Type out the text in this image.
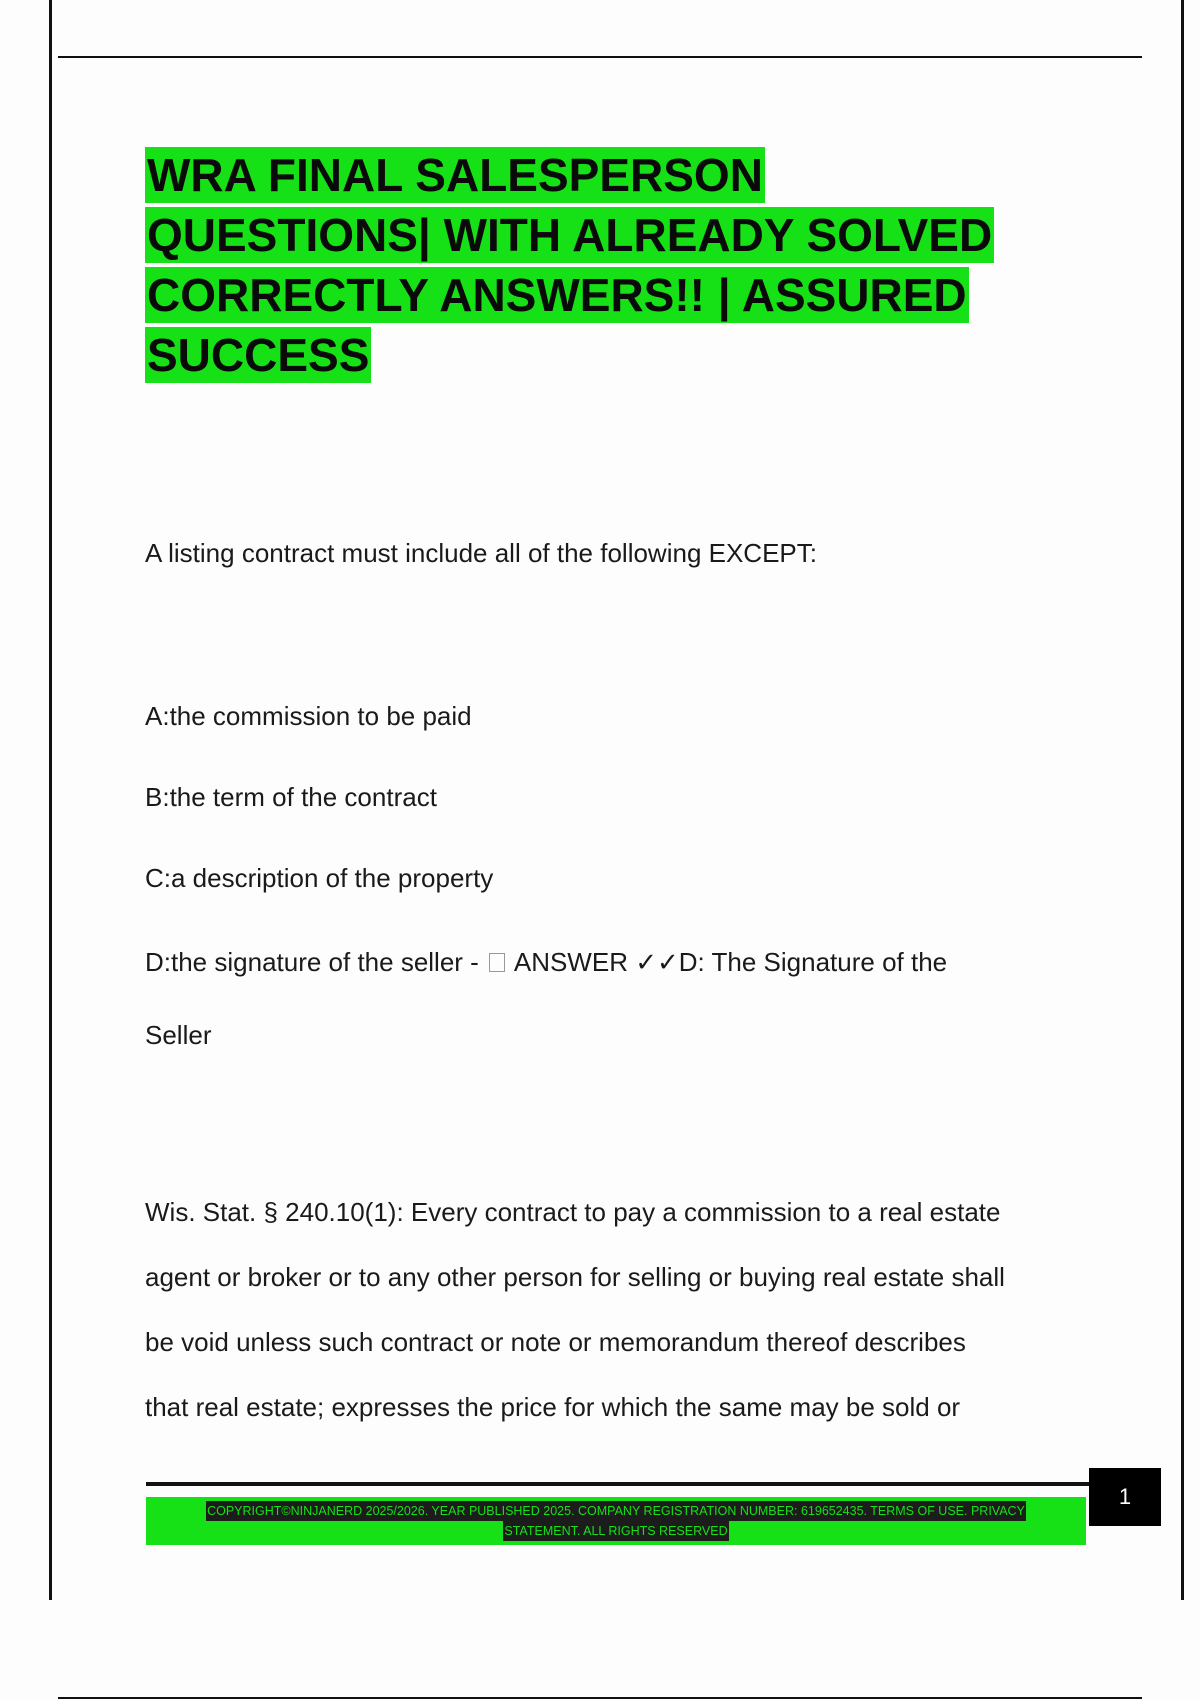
WRA FINAL SALESPERSON
QUESTIONS| WITH ALREADY SOLVED
CORRECTLY ANSWERS!! | ASSURED
SUCCESS
A listing contract must include all of the following EXCEPT:
A:the commission to be paid
B:the term of the contract
C:a description of the property
D:the signature of the seller -  ANSWER ✓✓D: The Signature of the
Seller
Wis. Stat. § 240.10(1): Every contract to pay a commission to a real estate
agent or broker or to any other person for selling or buying real estate shall
be void unless such contract or note or memorandum thereof describes
that real estate; expresses the price for which the same may be sold or
COPYRIGHT©NINJANERD 2025/2026. YEAR PUBLISHED 2025. COMPANY REGISTRATION NUMBER: 619652435. TERMS OF USE. PRIVACY
STATEMENT. ALL RIGHTS RESERVED
1
